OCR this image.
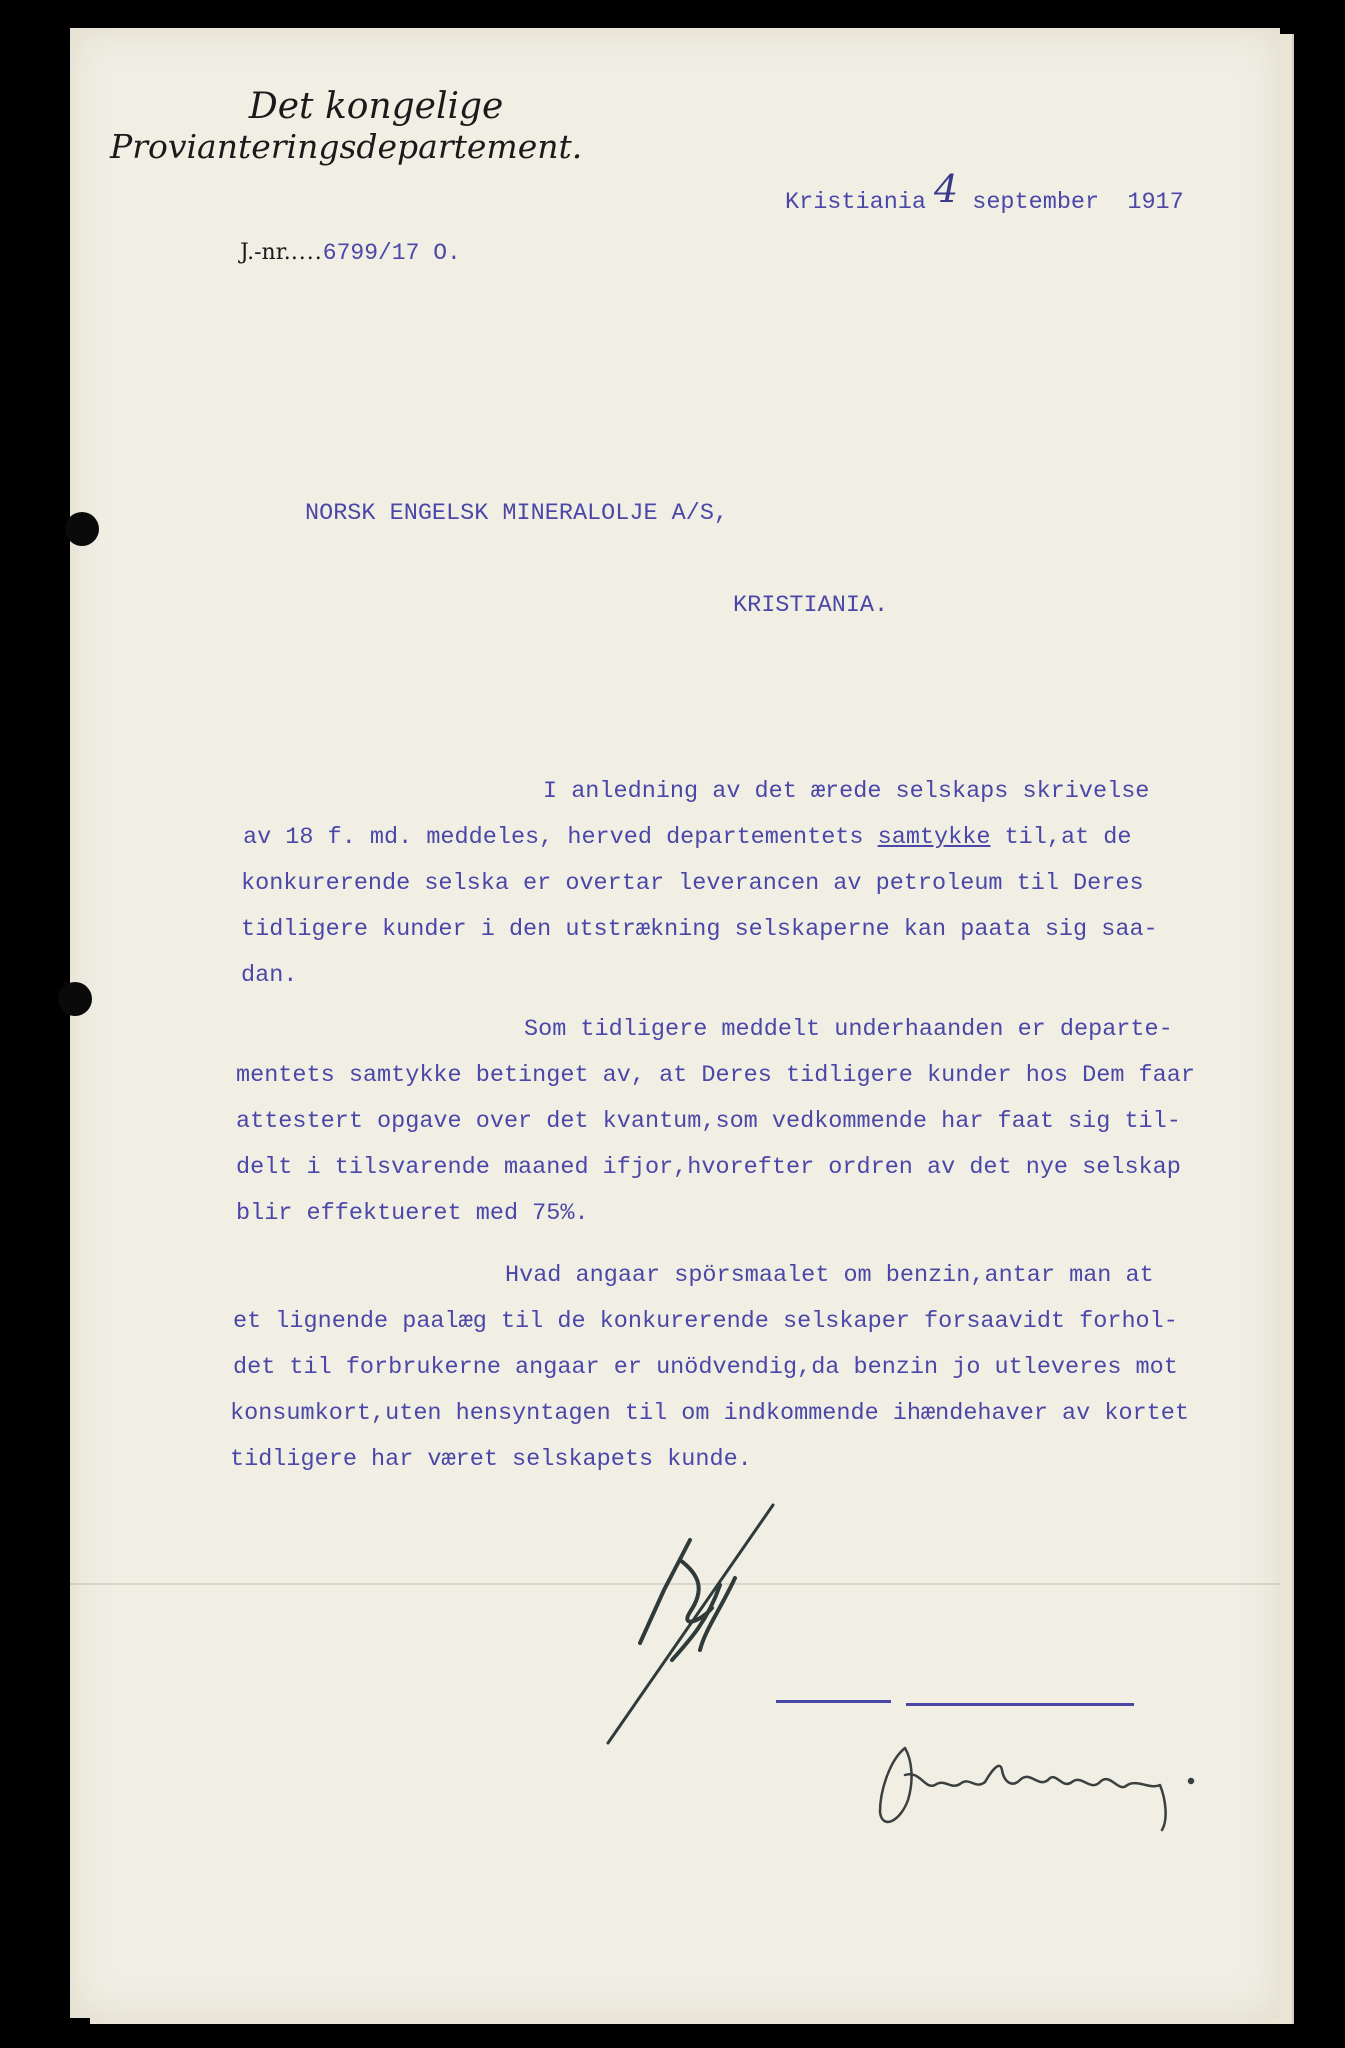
Det kongelige
Provianteringsdepartement.
J.-nr.....6799/17 O.
Kristiania 4 september  1917
NORSK ENGELSK MINERALOLJE A/S,
KRISTIANIA.
I anledning av det ærede selskaps skrivelse
av 18 f. md. meddeles, herved departementets samtykke til,at de
konkurerende selska er overtar leverancen av petroleum til Deres
tidligere kunder i den utstrækning selskaperne kan paata sig saa-
dan.
Som tidligere meddelt underhaanden er departe-
mentets samtykke betinget av, at Deres tidligere kunder hos Dem faar
attestert opgave over det kvantum,som vedkommende har faat sig til-
delt i tilsvarende maaned ifjor,hvorefter ordren av det nye selskap
blir effektueret med 75%.
Hvad angaar spörsmaalet om benzin,antar man at
et lignende paalæg til de konkurerende selskaper forsaavidt forhol-
det til forbrukerne angaar er unödvendig,da benzin jo utleveres mot
konsumkort,uten hensyntagen til om indkommende ihændehaver av kortet
tidligere har været selskapets kunde.
